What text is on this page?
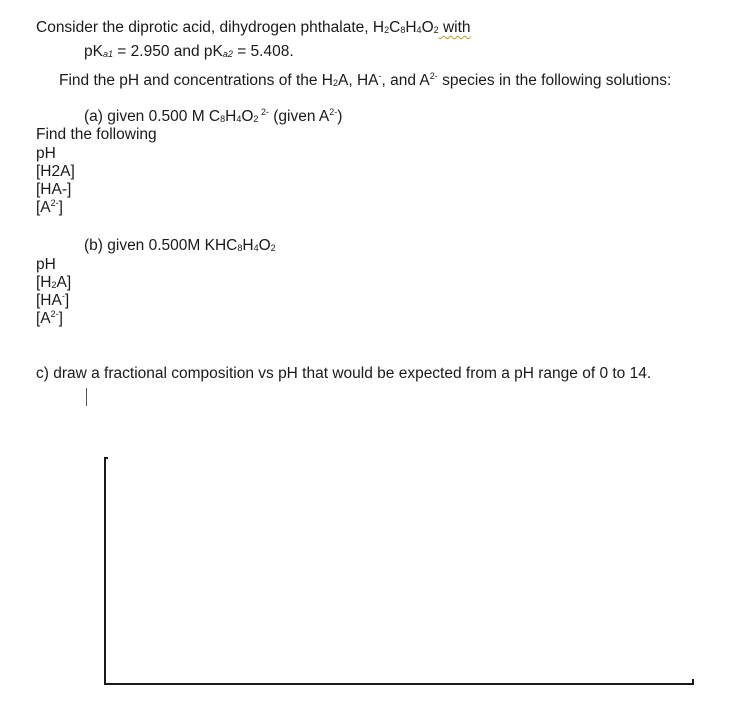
Consider the diprotic acid, dihydrogen phthalate, $H_2C_8H_4O_2$ with
$pK_{a1} = 2.950$ and $pK_{a2} = 5.408$.
Find the pH and concentrations of the $H_2A$, HA-, and $A^{2-}$ species in the following solutions:
(a) given 0.500 M $C_8H_4O_2$ $^{2-}$ (given $A^{2-}$)
Find the following
pH
[H2A]
[HA-]
$[A^{2-}]$
(b) given 0.500M $KHC_8H_4O_2$
pH
$[H_2A]$
[HA-]
$[A^{2-}]$
c) draw a fractional composition vs pH that would be expected from a pH range of 0 to 14.
